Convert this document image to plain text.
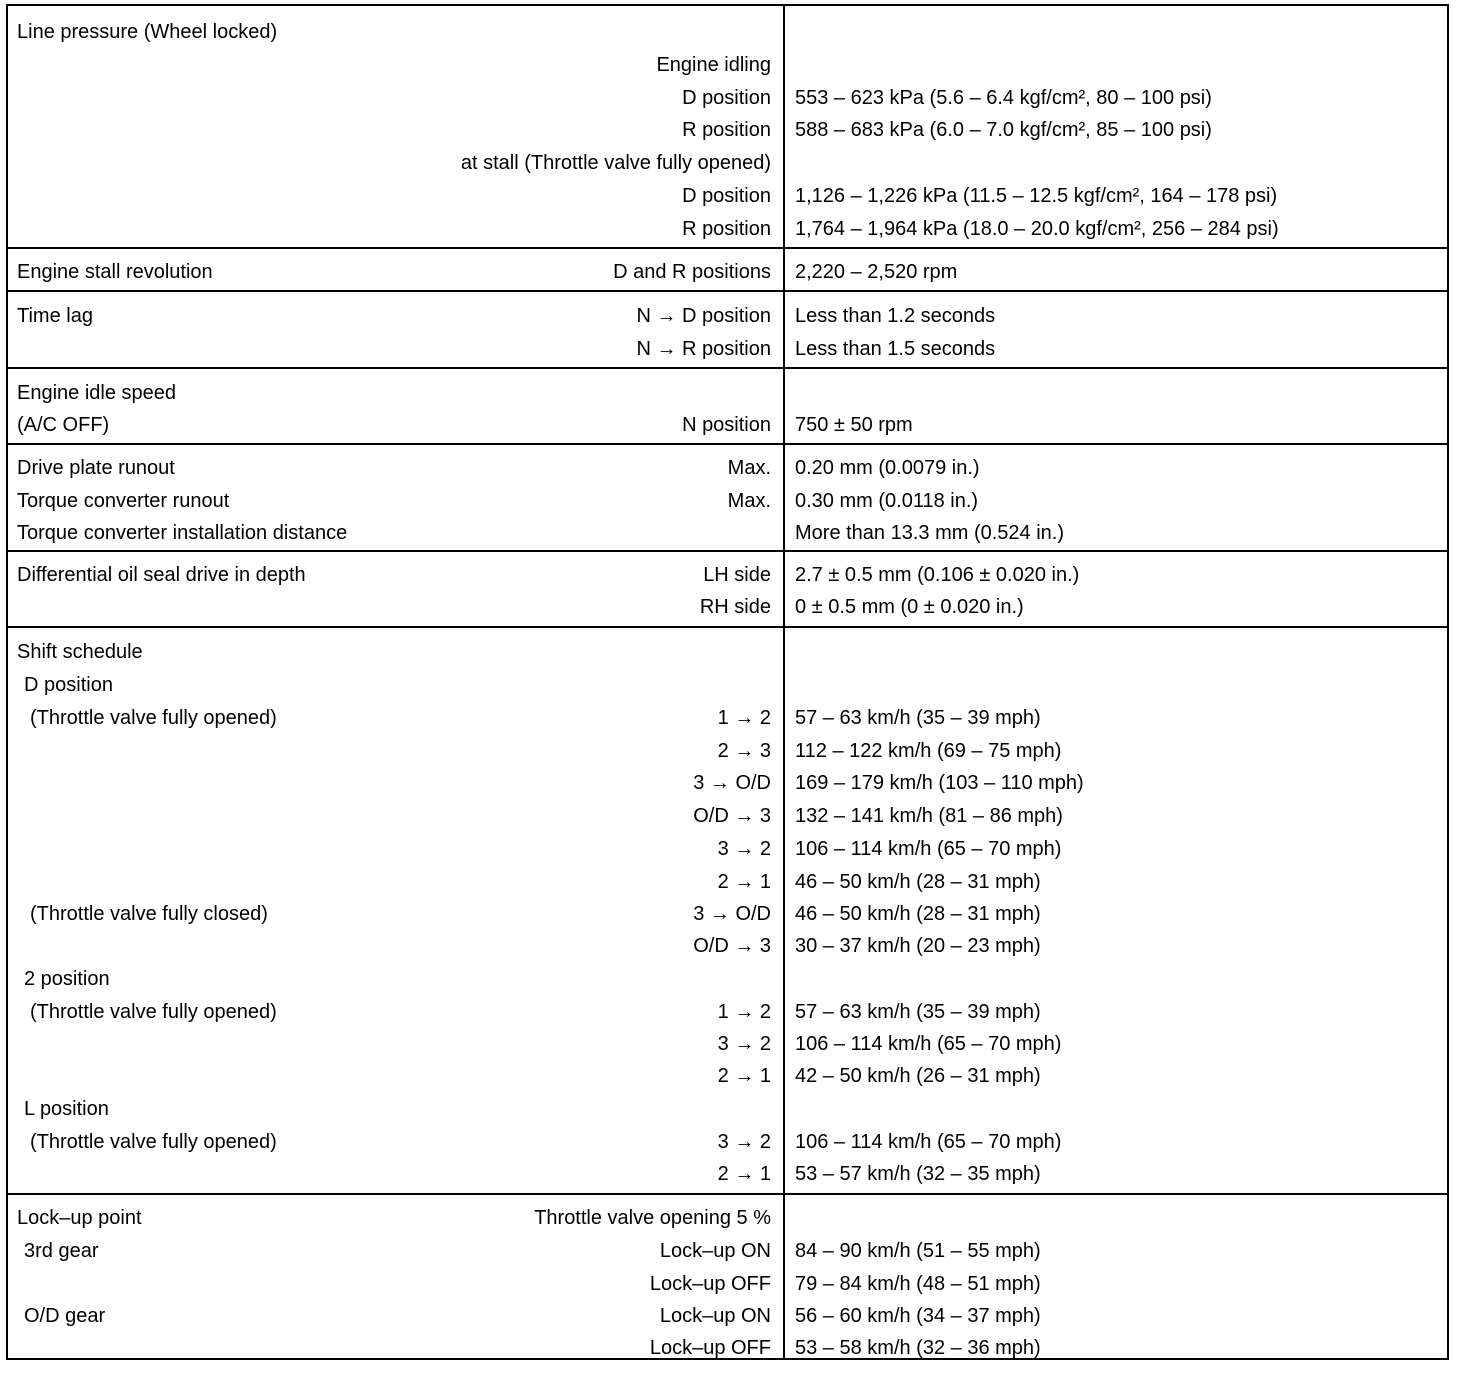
Line pressure (Wheel locked)
Engine idling
D position 553 – 623 kPa (5.6 – 6.4 kgf/cm², 80 – 100 psi)
R position 588 – 683 kPa (6.0 – 7.0 kgf/cm², 85 – 100 psi)
at stall (Throttle valve fully opened)
D position 1,126 – 1,226 kPa (11.5 – 12.5 kgf/cm², 164 – 178 psi)
R position 1,764 – 1,964 kPa (18.0 – 20.0 kgf/cm², 256 – 284 psi)
Engine stall revolution	D and R positions 2,220 – 2,520 rpm
Time lag	N → D position Less than 1.2 seconds
N → R position Less than 1.5 seconds
Engine idle speed
(A/C OFF)	N position 750 ± 50 rpm
Drive plate runout	Max. 0.20 mm (0.0079 in.)
Torque converter runout	Max. 0.30 mm (0.0118 in.)
Torque converter installation distance	More than 13.3 mm (0.524 in.)
Differential oil seal drive in depth	LH side 2.7 ± 0.5 mm (0.106 ± 0.020 in.)
RH side 0 ± 0.5 mm (0 ± 0.020 in.)
Shift schedule
D position
(Throttle valve fully opened)	1 → 2 57 – 63 km/h (35 – 39 mph)
2 → 3 112 – 122 km/h (69 – 75 mph)
3 → O/D 169 – 179 km/h (103 – 110 mph)
O/D → 3 132 – 141 km/h (81 – 86 mph)
3 → 2 106 – 114 km/h (65 – 70 mph)
2 → 1 46 – 50 km/h (28 – 31 mph)
(Throttle valve fully closed)	3 → O/D 46 – 50 km/h (28 – 31 mph)
O/D → 3 30 – 37 km/h (20 – 23 mph)
2 position
(Throttle valve fully opened)	1 → 2 57 – 63 km/h (35 – 39 mph)
3 → 2 106 – 114 km/h (65 – 70 mph)
2 → 1 42 – 50 km/h (26 – 31 mph)
L position
(Throttle valve fully opened)	3 → 2 106 – 114 km/h (65 – 70 mph)
2 → 1 53 – 57 km/h (32 – 35 mph)
Lock–up point	Throttle valve opening 5 %
3rd gear	Lock–up ON 84 – 90 km/h (51 – 55 mph)
Lock–up OFF 79 – 84 km/h (48 – 51 mph)
O/D gear	Lock–up ON 56 – 60 km/h (34 – 37 mph)
Lock–up OFF 53 – 58 km/h (32 – 36 mph)
